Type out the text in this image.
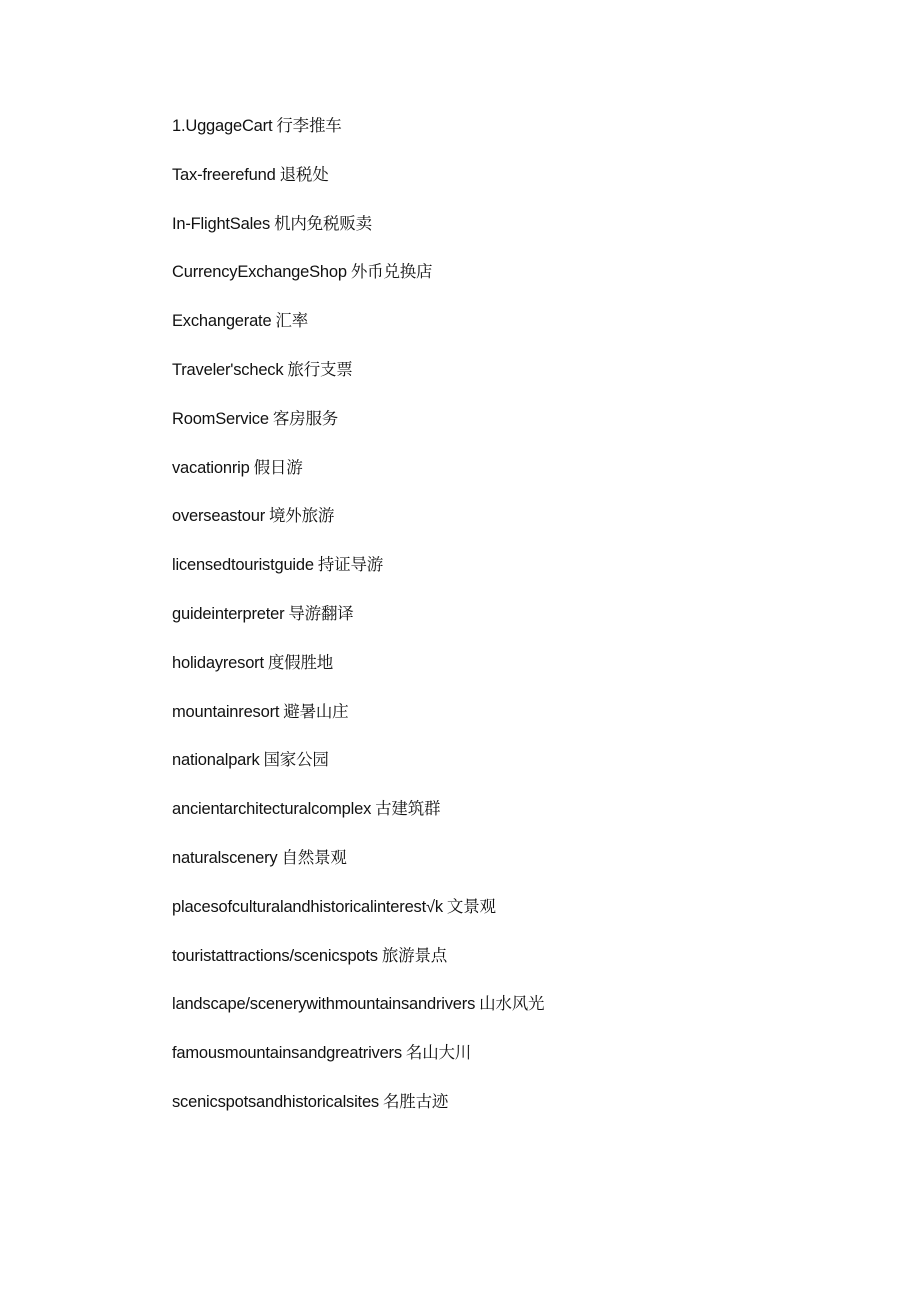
1.UggageCart 行李推车
Tax-freerefund 退税处
In-FlightSales 机内免税贩卖
CurrencyExchangeShop 外币兑换店
Exchangerate 汇率
Traveler'scheck 旅行支票
RoomService 客房服务
vacationrip 假日游
overseastour 境外旅游
licensedtouristguide 持证导游
guideinterpreter 导游翻译
holidayresort 度假胜地
mountainresort 避暑山庄
nationalpark 国家公园
ancientarchitecturalcomplex 古建筑群
naturalscenery 自然景观
placesofculturalandhistoricalinterest√k 文景观
touristattractions/scenicspots 旅游景点
landscape/scenerywithmountainsandrivers 山水风光
famousmountainsandgreatrivers 名山大川
scenicspotsandhistoricalsites 名胜古迹
